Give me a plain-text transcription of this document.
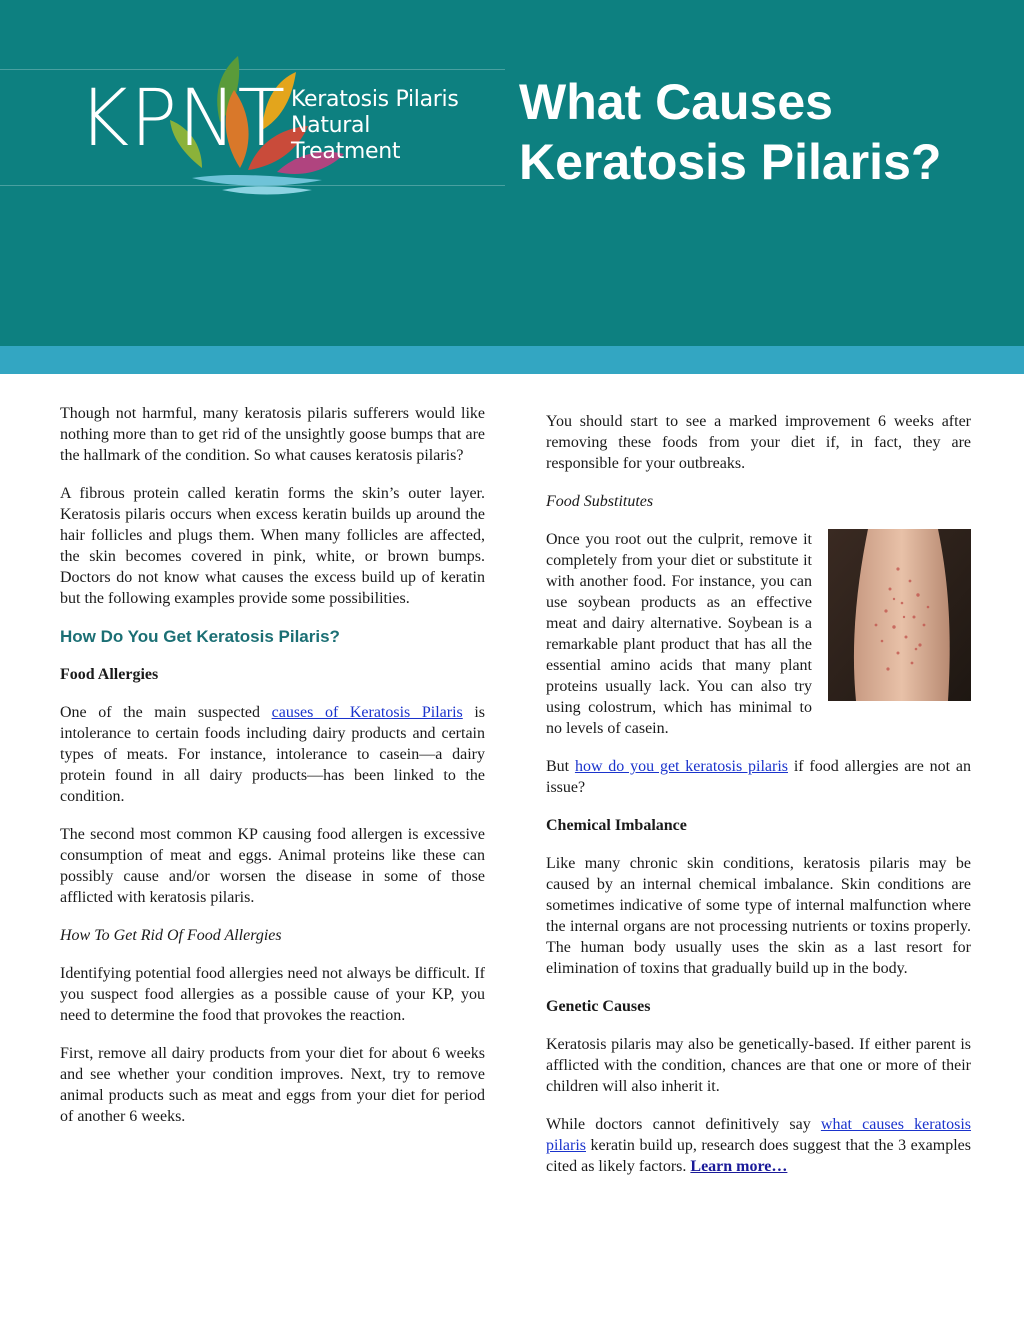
KPNT Keratosis Pilaris
Natural Treatment
What Causes
Keratosis Pilaris?

Though not harmful, many keratosis pilaris sufferers would like nothing more than to get rid of the unsightly goose bumps that are the hallmark of the condition. So what causes keratosis pilaris?

A fibrous protein called keratin forms the skin’s outer layer. Keratosis pilaris occurs when excess keratin builds up around the hair follicles and plugs them. When many follicles are affected, the skin becomes covered in pink, white, or brown bumps. Doctors do not know what causes the excess build up of keratin but the following examples provide some possibilities.

How Do You Get Keratosis Pilaris?

Food Allergies

One of the main suspected causes of Keratosis Pilaris is intolerance to certain foods including dairy products and certain types of meats. For instance, intolerance to casein—a dairy protein found in all dairy products—has been linked to the condition.

The second most common KP causing food allergen is excessive consumption of meat and eggs. Animal proteins like these can possibly cause and/or worsen the disease in some of those afflicted with keratosis pilaris.

How To Get Rid Of Food Allergies

Identifying potential food allergies need not always be difficult. If you suspect food allergies as a possible cause of your KP, you need to determine the food that provokes the reaction.

First, remove all dairy products from your diet for about 6 weeks and see whether your condition improves. Next, try to remove animal products such as meat and eggs from your diet for period of another 6 weeks.

You should start to see a marked improvement 6 weeks after removing these foods from your diet if, in fact, they are responsible for your outbreaks.

Food Substitutes

Once you root out the culprit, remove it completely from your diet or substitute it with another food. For instance, you can use soybean products as an effective meat and dairy alternative. Soybean is a remarkable plant product that has all the essential amino acids that many plant proteins usually lack. You can also try using colostrum, which has minimal to no levels of casein.

But how do you get keratosis pilaris if food allergies are not an issue?

Chemical Imbalance

Like many chronic skin conditions, keratosis pilaris may be caused by an internal chemical imbalance. Skin conditions are sometimes indicative of some type of internal malfunction where the internal organs are not processing nutrients or toxins properly. The human body usually uses the skin as a last resort for elimination of toxins that gradually build up in the body.

Genetic Causes

Keratosis pilaris may also be genetically-based. If either parent is afflicted with the condition, chances are that one or more of their children will also inherit it.

While doctors cannot definitively say what causes keratosis pilaris keratin build up, research does suggest that the 3 examples cited as likely factors. Learn more…
